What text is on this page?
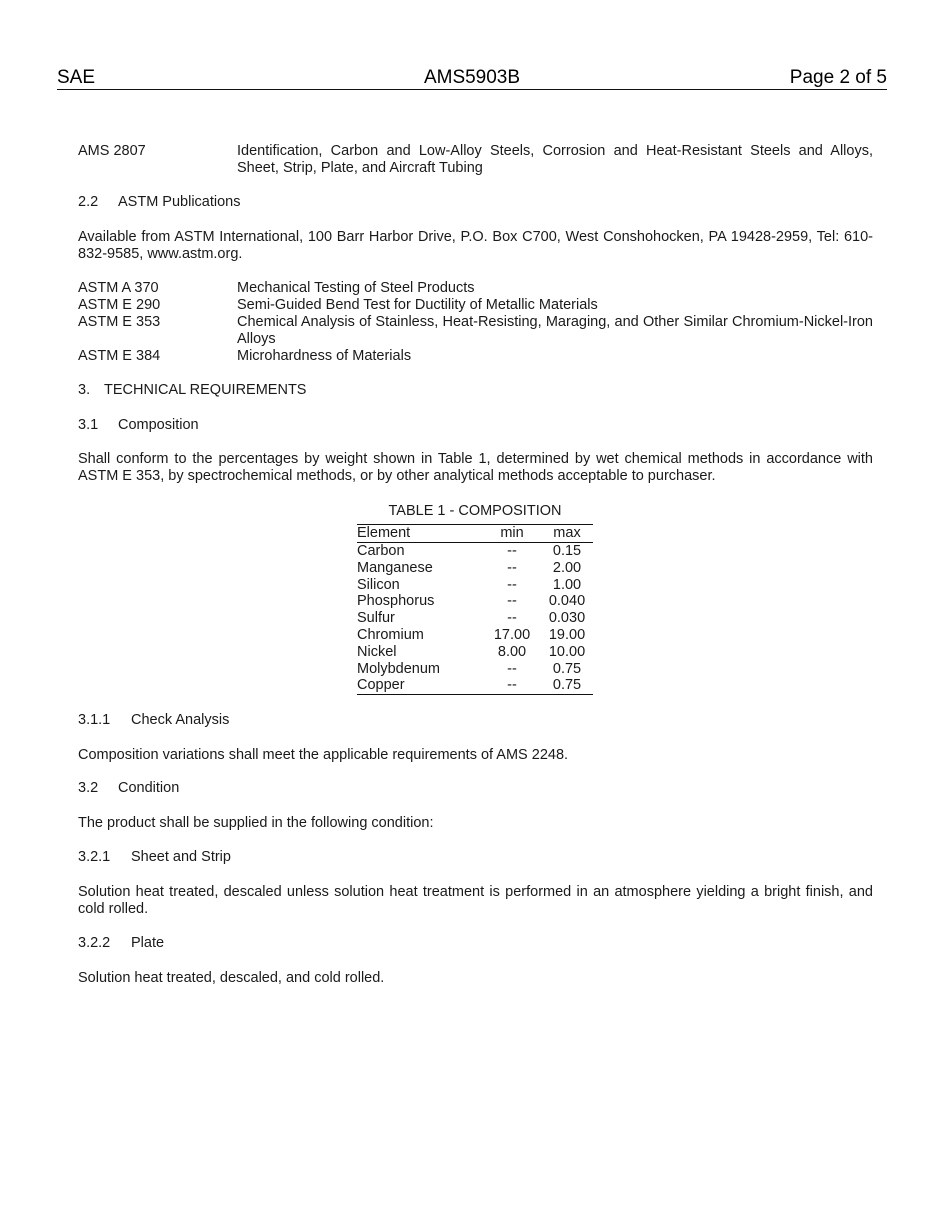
SAE	AMS5903B	Page 2 of 5
AMS 2807	Identification, Carbon and Low-Alloy Steels, Corrosion and Heat-Resistant Steels and Alloys, Sheet, Strip, Plate, and Aircraft Tubing
2.2 ASTM Publications
Available from ASTM International, 100 Barr Harbor Drive, P.O. Box C700, West Conshohocken, PA 19428-2959, Tel: 610-832-9585, www.astm.org.
ASTM A 370	Mechanical Testing of Steel Products
ASTM E 290	Semi-Guided Bend Test for Ductility of Metallic Materials
ASTM E 353	Chemical Analysis of Stainless, Heat-Resisting, Maraging, and Other Similar Chromium-Nickel-Iron Alloys
ASTM E 384	Microhardness of Materials
3. TECHNICAL REQUIREMENTS
3.1 Composition
Shall conform to the percentages by weight shown in Table 1, determined by wet chemical methods in accordance with ASTM E 353, by spectrochemical methods, or by other analytical methods acceptable to purchaser.
TABLE 1 - COMPOSITION
Element	min	max
Carbon	--	0.15
Manganese	--	2.00
Silicon	--	1.00
Phosphorus	--	0.040
Sulfur	--	0.030
Chromium	17.00	19.00
Nickel	8.00	10.00
Molybdenum	--	0.75
Copper	--	0.75
3.1.1 Check Analysis
Composition variations shall meet the applicable requirements of AMS 2248.
3.2 Condition
The product shall be supplied in the following condition:
3.2.1 Sheet and Strip
Solution heat treated, descaled unless solution heat treatment is performed in an atmosphere yielding a bright finish, and cold rolled.
3.2.2 Plate
Solution heat treated, descaled, and cold rolled.
